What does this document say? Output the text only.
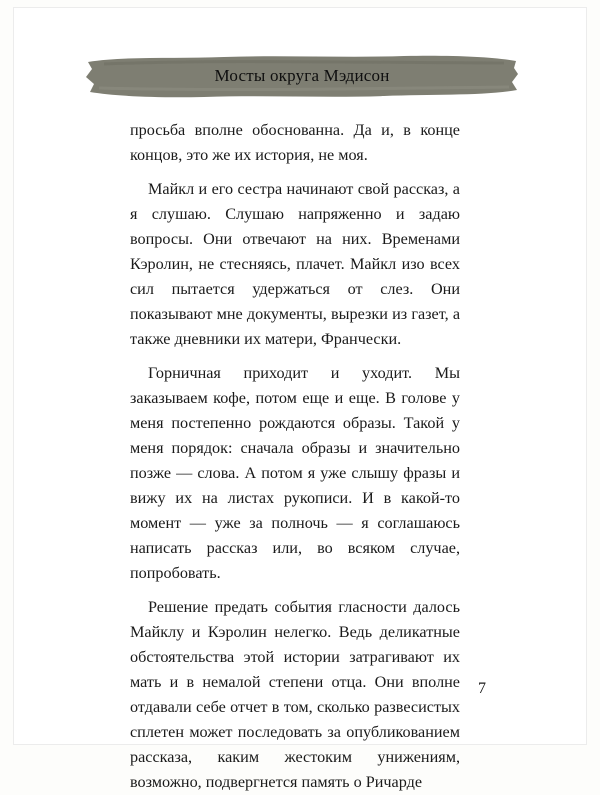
Мосты округа Мэдисон

просьба вполне обоснованна. Да и, в конце концов, это же их история, не моя.

Майкл и его сестра начинают свой рассказ, а я слушаю. Слушаю напряженно и задаю вопросы. Они отвечают на них. Временами Кэролин, не стесняясь, плачет. Майкл изо всех сил пытается удержаться от слез. Они показывают мне документы, вырезки из газет, а также дневники их матери, Франчески.

Горничная приходит и уходит. Мы заказываем кофе, потом еще и еще. В голове у меня постепенно рождаются образы. Такой у меня порядок: сначала образы и значительно позже — слова. А потом я уже слышу фразы и вижу их на листах рукописи. И в какой-то момент — уже за полночь — я соглашаюсь написать рассказ или, во всяком случае, попробовать.

Решение предать события гласности далось Майклу и Кэролин нелегко. Ведь деликатные обстоятельства этой истории затрагивают их мать и в немалой степени отца. Они вполне отдавали себе отчет в том, сколько развесистых сплетен может последовать за опубликованием рассказа, каким жестоким унижениям, возможно, подвергнется память о Ричарде

7
